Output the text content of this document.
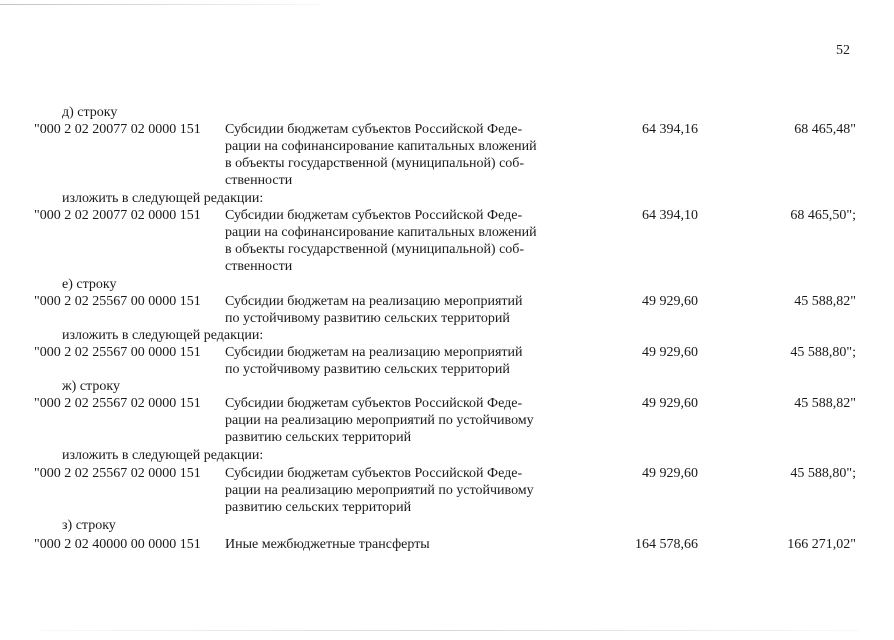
52
д) строку
"000 2 02 20077 02 0000 151 Субсидии бюджетам субъектов Российской Феде-
рации на софинансирование капитальных вложений
в объекты государственной (муниципальной) соб-
ственности
64 394,16	68 465,48"
изложить в следующей редакции:
"000 2 02 20077 02 0000 151 Субсидии бюджетам субъектов Российской Феде-
рации на софинансирование капитальных вложений
в объекты государственной (муниципальной) соб-
ственности
64 394,10	68 465,50";
е) строку
"000 2 02 25567 00 0000 151 Субсидии бюджетам на реализацию мероприятий
по устойчивому развитию сельских территорий
49 929,60	45 588,82"
изложить в следующей редакции:
"000 2 02 25567 00 0000 151 Субсидии бюджетам на реализацию мероприятий
по устойчивому развитию сельских территорий
49 929,60	45 588,80";
ж) строку
"000 2 02 25567 02 0000 151 Субсидии бюджетам субъектов Российской Феде-
рации на реализацию мероприятий по устойчивому
развитию сельских территорий
49 929,60	45 588,82"
изложить в следующей редакции:
"000 2 02 25567 02 0000 151 Субсидии бюджетам субъектов Российской Феде-
рации на реализацию мероприятий по устойчивому
развитию сельских территорий
49 929,60	45 588,80";
з) строку
"000 2 02 40000 00 0000 151 Иные межбюджетные трансферты	164 578,66	166 271,02"
